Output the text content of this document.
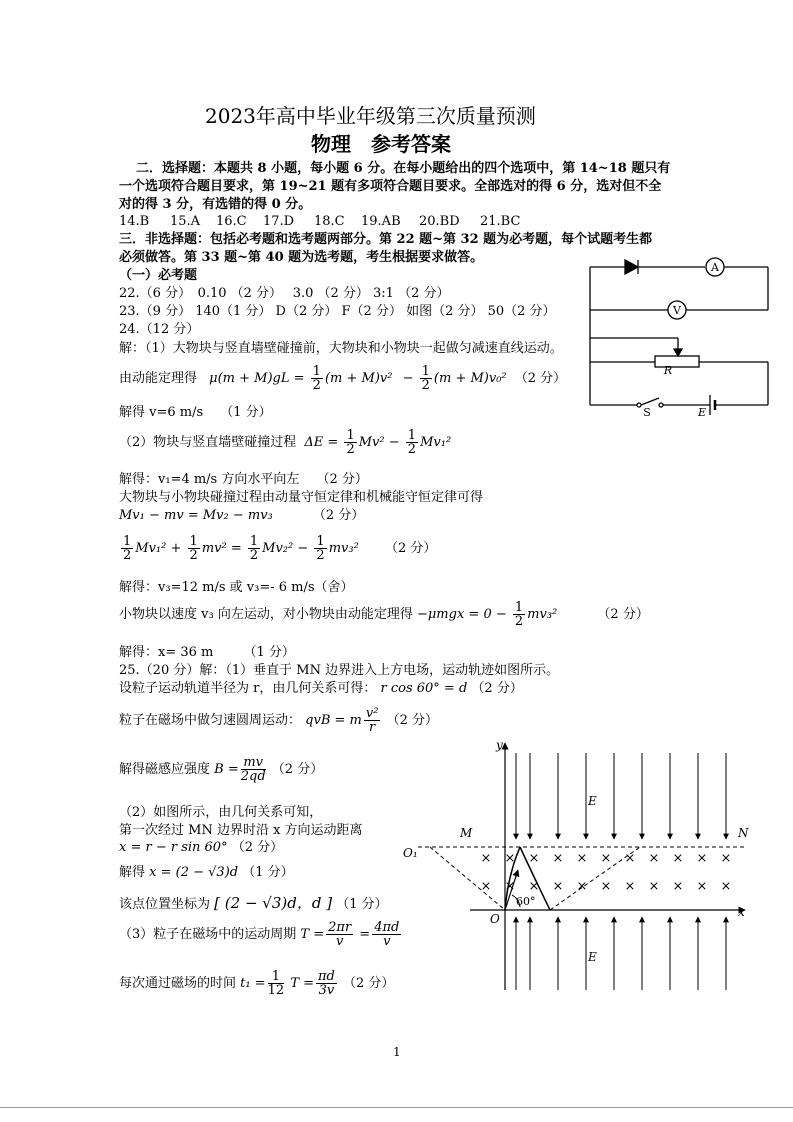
2023年高中毕业年级第三次质量预测
物理　参考答案
二．选择题：本题共 8 小题，每小题 6 分。在每小题给出的四个选项中，第 14~18 题只有
一个选项符合题目要求，第 19~21 题有多项符合题目要求。全部选对的得 6 分，选对但不全
对的得 3 分，有选错的得 0 分。
14.B 15.A 16.C 17.D 18.C 19.AB 20.BD 21.BC
三．非选择题：包括必考题和选考题两部分。第 22 题~第 32 题为必考题，每个试题考生都
必须做答。第 33 题~第 40 题为选考题，考生根据要求做答。
（一）必考题
22.（6 分）　0.10 （2 分）　 3.0 （2 分） 3:1 （2 分）
23.（9 分） 140（1 分） D（2 分） F（2 分） 如图（2 分） 50（2 分）
24.（12 分）
解：（1）大物块与竖直墙壁碰撞前，大物块和小物块一起做匀减速直线运动。
由动能定理得 $\mu(m + M)gL = \frac{1}{2} (m + M)v^2 - \frac{1}{2} (m + M)v_0^2$ （2 分）
解得 v=6 m/s　 （1 分）
（2）物块与竖直墙壁碰撞过程 $\Delta E = \frac{1}{2} Mv^2 - \frac{1}{2} Mv_1^2$
解得：v₁=4 m/s 方向水平向左　 （2 分）
大物块与小物块碰撞过程由动量守恒定律和机械能守恒定律可得
Mv₁ − mv = Mv₂ − mv₃	（2 分）
$\frac{1}{2} Mv_1^2 + \frac{1}{2} mv^2 = \frac{1}{2} Mv_2^2 - \frac{1}{2} mv_3^2$ （2 分）
解得：v₃=12 m/s 或 v₃=- 6 m/s（舍）
小物块以速度 v₃ 向左运动，对小物块由动能定理得 $-\mu mgx = 0 - \frac{1}{2} mv_3^2$	（2 分）
解得：x= 36 m　　 （1 分）
25.（20 分）解：（1）垂直于 MN 边界进入上方电场，运动轨迹如图所示。
设粒子运动轨道半径为 r，由几何关系可得： r cos 60° = d （2 分）
粒子在磁场中做匀速圆周运动： qvB = m $\frac{\text{v²}}{r} (2$ 分）
解得磁感应强度 $B = \frac{mv}{2qd} (2$ 分）
（2）如图所示，由几何关系可知，
第一次经过 MN 边界时沿 x 方向运动距离
x = r − r sin 60° （2 分）
解得 x = (2 − √3)d （1 分）
该点位置坐标为 [ (2 − √3)d，d ] （1 分）
（3）粒子在磁场中的运动周期 $T = \frac{2\pi r}{v} = \frac{4\pi d}{v}$
每次通过磁场的时间 $t_1 = \frac{1}{12}$ $T = \frac{\pi d}{3v} (2$ 分）
A
V
R
S	E
y
x
M	N
E
E
× × × × × × × × × × ×
× × × × × × × × × × ×
60°
O₁
O
1
